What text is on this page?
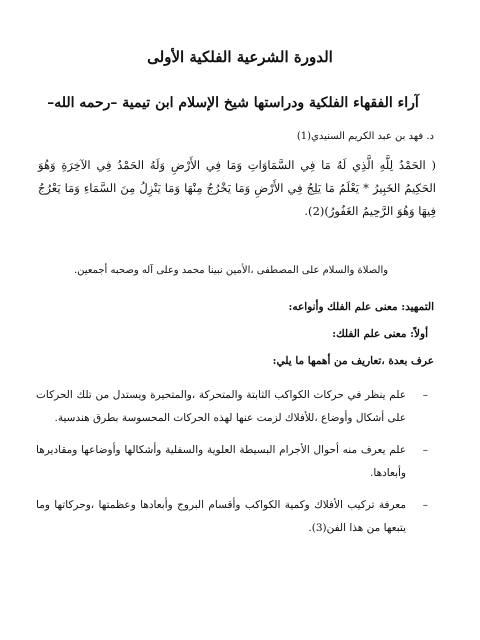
الدورة الشرعية الفلكية الأولى
آراء الفقهاء الفلكية ودراستها شيخ الإسلام ابن تيمية –رحمه الله–
د. فهد بن عبد الكريم السنيدي(1)
( الحَمْدُ لِلَّهِ الَّذِي لَهُ مَا فِي السَّمَاوَاتِ وَمَا فِي الأَرْضِ وَلَهُ الحَمْدُ فِي الآخِرَةِ وَهُوَ الحَكِيمُ الخَبِيرُ * يَعْلَمُ مَا يَلِجُ فِي الأَرْضِ وَمَا يَخْرُجُ مِنْهَا وَمَا يَنْزِلُ مِنَ السَّمَاءِ وَمَا يَعْرُجُ فِيهَا وَهُوَ الرَّحِيمُ الغَفُورُ)(2).
والصلاة والسلام على المصطفى ،الأمين نبينا محمد وعلى آله وصحبه أجمعين.
التمهيد: معنى علم الفلك وأنواعه:
أولاً: معنى علم الفلك:
عرف بعدة ،تعاريف من أهمها ما يلي:
–
علم ينظر في حركات الكواكب الثابتة والمتحركة ،والمتحيرة ويستدل من تلك الحركات على أشكال وأوضاع ،للأفلاك لزمت عنها لهذه الحركات المحسوسة بطرق هندسية.
–
علم يعرف منه أحوال الأجرام البسيطة العلوية والسفلية وأشكالها وأوضاعها ومقاديرها وأبعادها.
–
معرفة تركيب الأفلاك وكمية الكواكب وأقسام البروج وأبعادها وعظمتها ،وحركاتها وما يتبعها من هذا الفن(3).
